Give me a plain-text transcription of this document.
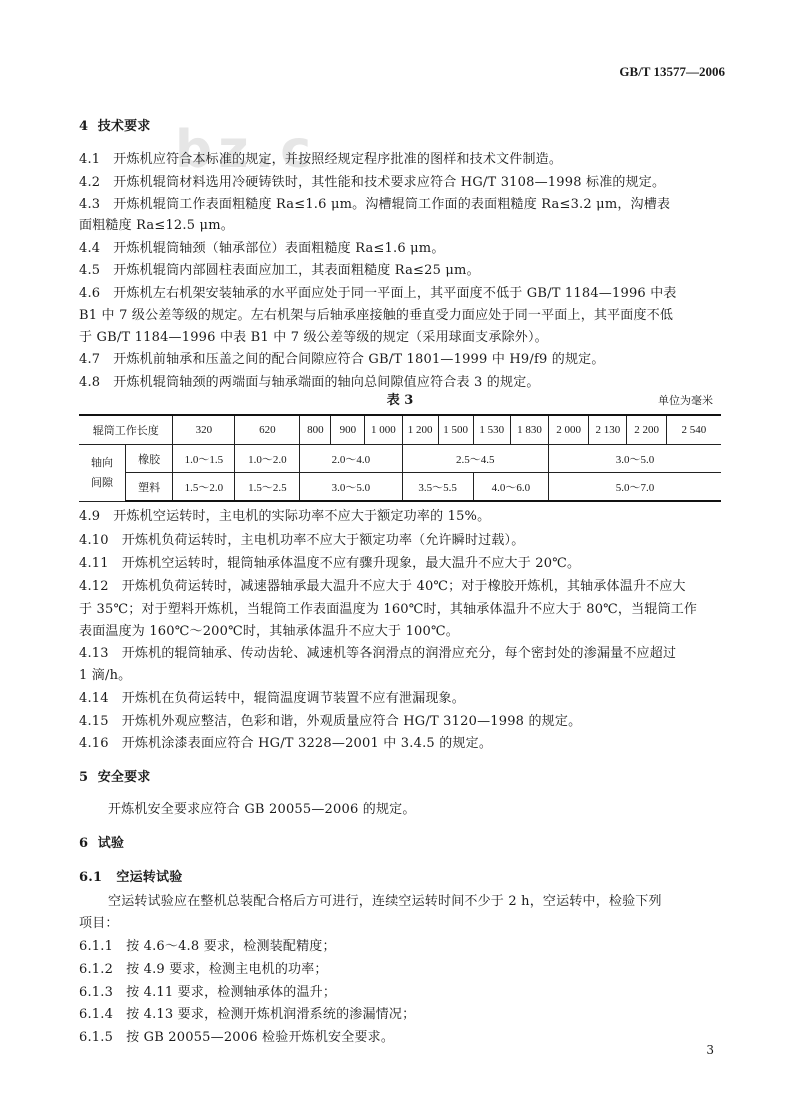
bz.c
GB/T 13577—2006
4  技术要求
4.1   开炼机应符合本标准的规定，并按照经规定程序批准的图样和技术文件制造。
4.2   开炼机辊筒材料选用冷硬铸铁时，其性能和技术要求应符合 HG/T 3108—1998 标准的规定。
4.3   开炼机辊筒工作表面粗糙度 Ra≤1.6 μm。沟槽辊筒工作面的表面粗糙度 Ra≤3.2 μm，沟槽表
面粗糙度 Ra≤12.5 μm。
4.4   开炼机辊筒轴颈（轴承部位）表面粗糙度 Ra≤1.6 μm。
4.5   开炼机辊筒内部圆柱表面应加工，其表面粗糙度 Ra≤25 μm。
4.6   开炼机左右机架安装轴承的水平面应处于同一平面上，其平面度不低于 GB/T 1184—1996 中表
B1 中 7 级公差等级的规定。左右机架与后轴承座接触的垂直受力面应处于同一平面上，其平面度不低
于 GB/T 1184—1996 中表 B1 中 7 级公差等级的规定（采用球面支承除外）。
4.7   开炼机前轴承和压盖之间的配合间隙应符合 GB/T 1801—1999 中 H9/f9 的规定。
4.8   开炼机辊筒轴颈的两端面与轴承端面的轴向总间隙值应符合表 3 的规定。
表 3	单位为毫米
辊筒工作长度		320	620	800	900	1 000	1 200	1 500	1 530	1 830	2 000	2 130	2 200	2 540
轴向
间隙	橡胶	1.0～1.5	1.0～2.0	2.0～4.0			2.5～4.5				3.0～5.0			
	塑料	1.5～2.0	1.5～2.5	3.0～5.0			3.5～5.5		4.0～6.0		5.0～7.0			
4.9   开炼机空运转时，主电机的实际功率不应大于额定功率的 15%。
4.10   开炼机负荷运转时，主电机功率不应大于额定功率（允许瞬时过载）。
4.11   开炼机空运转时，辊筒轴承体温度不应有骤升现象，最大温升不应大于 20℃。
4.12   开炼机负荷运转时，减速器轴承最大温升不应大于 40℃；对于橡胶开炼机，其轴承体温升不应大
于 35℃；对于塑料开炼机，当辊筒工作表面温度为 160℃时，其轴承体温升不应大于 80℃，当辊筒工作
表面温度为 160℃～200℃时，其轴承体温升不应大于 100℃。
4.13   开炼机的辊筒轴承、传动齿轮、减速机等各润滑点的润滑应充分，每个密封处的渗漏量不应超过
1 滴/h。
4.14   开炼机在负荷运转中，辊筒温度调节装置不应有泄漏现象。
4.15   开炼机外观应整洁，色彩和谐，外观质量应符合 HG/T 3120—1998 的规定。
4.16   开炼机涂漆表面应符合 HG/T 3228—2001 中 3.4.5 的规定。
5  安全要求
开炼机安全要求应符合 GB 20055—2006 的规定。
6  试验
6.1   空运转试验
空运转试验应在整机总装配合格后方可进行，连续空运转时间不少于 2 h，空运转中，检验下列
项目：
6.1.1   按 4.6～4.8 要求，检测装配精度；
6.1.2   按 4.9 要求，检测主电机的功率；
6.1.3   按 4.11 要求，检测轴承体的温升；
6.1.4   按 4.13 要求，检测开炼机润滑系统的渗漏情况；
6.1.5   按 GB 20055—2006 检验开炼机安全要求。
3
